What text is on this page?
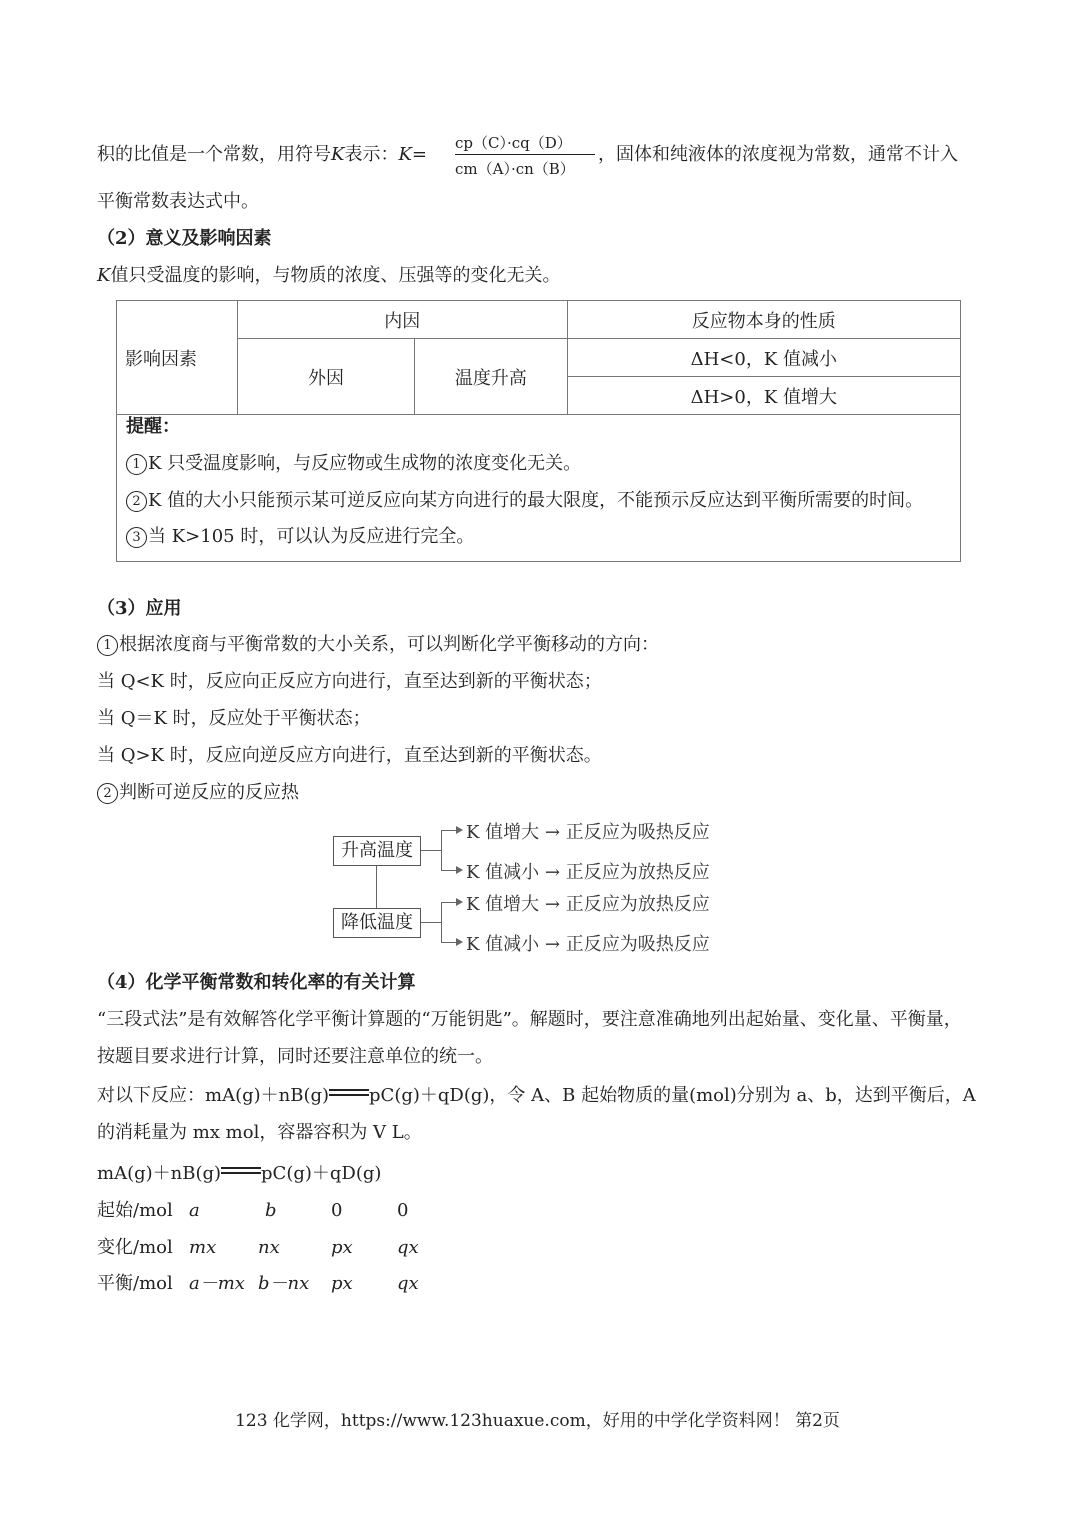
积的比值是一个常数，用符号K表示：K=
cp（C）·cq（D）
cm（A）·cn（B）
，固体和纯液体的浓度视为常数，通常不计入
平衡常数表达式中。
（2）意义及影响因素
K值只受温度的影响，与物质的浓度、压强等的变化无关。
影响因素	内因		反应物本身的性质
	外因	温度升高	ΔH<0，K 值减小
			ΔH>0，K 值增大
提醒：
1 K 只受温度影响，与反应物或生成物的浓度变化无关。
2 K 值的大小只能预示某可逆反应向某方向进行的最大限度，不能预示反应达到平衡所需要的时间。
3 当 K>105 时，可以认为反应进行完全。
（3）应用
1 根据浓度商与平衡常数的大小关系，可以判断化学平衡移动的方向：
当 Q<K 时，反应向正反应方向进行，直至达到新的平衡状态；
当 Q＝K 时，反应处于平衡状态；
当 Q>K 时，反应向逆反应方向进行，直至达到新的平衡状态。
2 判断可逆反应的反应热
升高温度
降低温度
K 值增大 → 正反应为吸热反应
K 值减小 → 正反应为放热反应
K 值增大 → 正反应为放热反应
K 值减小 → 正反应为吸热反应
（4）化学平衡常数和转化率的有关计算
“三段式法”是有效解答化学平衡计算题的“万能钥匙”。解题时，要注意准确地列出起始量、变化量、平衡量，
按题目要求进行计算，同时还要注意单位的统一。
对以下反应：mA(g)＋nB(g) pC(g)＋qD(g)，令 A、B 起始物质的量(mol)分别为 a、b，达到平衡后，A
的消耗量为 mx mol，容器容积为 V L。
mA(g)＋nB(g) pC(g)＋qD(g)
起始/mol a	b	0	0
变化/mol mx nx	px qx
平衡/mol a－mx b－nx px qx
123 化学网，https://www.123huaxue.com，好用的中学化学资料网！ 第2页
